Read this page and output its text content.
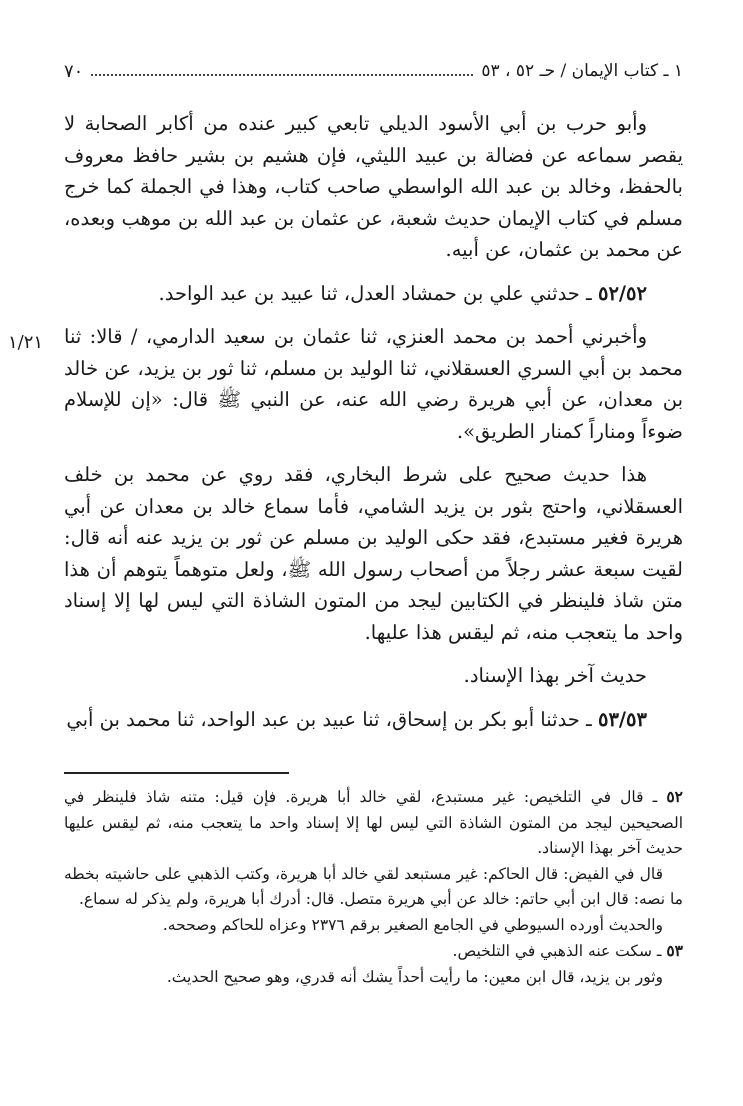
١ ـ كتاب الإيمان / حـ ٥٢ ، ٥٣
٧٠
١/٢١

وأبو حرب بن أبي الأسود الديلي تابعي كبير عنده من أكابر الصحابة لا يقصر سماعه عن فضالة بن عبيد الليثي، فإن هشيم بن بشير حافظ معروف بالحفظ، وخالد بن عبد الله الواسطي صاحب كتاب، وهذا في الجملة كما خرج مسلم في كتاب الإيمان حديث شعبة، عن عثمان بن عبد الله بن موهب وبعده، عن محمد بن عثمان، عن أبيه.

٥٢/٥٢ ـ حدثني علي بن حمشاد العدل، ثنا عبيد بن عبد الواحد.

وأخبرني أحمد بن محمد العنزي، ثنا عثمان بن سعيد الدارمي، / قالا: ثنا محمد بن أبي السري العسقلاني، ثنا الوليد بن مسلم، ثنا ثور بن يزيد، عن خالد بن معدان، عن أبي هريرة رضي الله عنه، عن النبي ﷺ قال: «إن للإسلام ضوءاً ومناراً كمنار الطريق».

هذا حديث صحيح على شرط البخاري، فقد روي عن محمد بن خلف العسقلاني، واحتج بثور بن يزيد الشامي، فأما سماع خالد بن معدان عن أبي هريرة فغير مستبدع، فقد حكى الوليد بن مسلم عن ثور بن يزيد عنه أنه قال: لقيت سبعة عشر رجلاً من أصحاب رسول الله ﷺ، ولعل متوهماً يتوهم أن هذا متن شاذ فلينظر في الكتابين ليجد من المتون الشاذة التي ليس لها إلا إسناد واحد ما يتعجب منه، ثم ليقس هذا عليها.

حديث آخر بهذا الإسناد.

٥٣/٥٣ ـ حدثنا أبو بكر بن إسحاق، ثنا عبيد بن عبد الواحد، ثنا محمد بن أبي

٥٢ ـ قال في التلخيص: غير مستبدع، لقي خالد أبا هريرة. فإن قيل: متنه شاذ فلينظر في الصحيحين ليجد من المتون الشاذة التي ليس لها إلا إسناد واحد ما يتعجب منه، ثم ليقس عليها حديث آخر بهذا الإسناد.

قال في الفيض: قال الحاكم: غير مستبعد لقي خالد أبا هريرة، وكتب الذهبي على حاشيته بخطه ما نصه: قال ابن أبي حاتم: خالد عن أبي هريرة متصل. قال: أدرك أبا هريرة، ولم يذكر له سماع.

والحديث أورده السيوطي في الجامع الصغير برقم ٢٣٧٦ وعزاه للحاكم وصححه.

٥٣ ـ سكت عنه الذهبي في التلخيص.

وثور بن يزيد، قال ابن معين: ما رأيت أحداً يشك أنه قدري، وهو صحيح الحديث.
